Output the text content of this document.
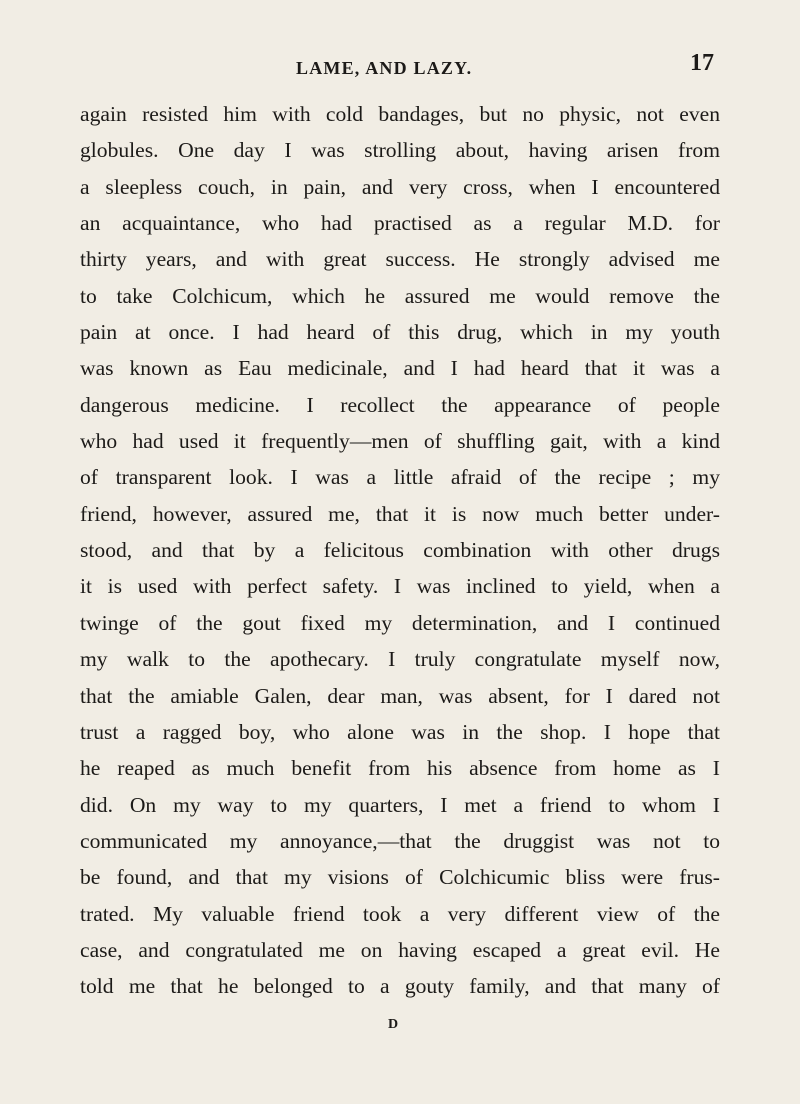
LAME, AND LAZY.	17
again resisted him with cold bandages, but no physic, not even
globules. One day I was strolling about, having arisen from
a sleepless couch, in pain, and very cross, when I encountered
an acquaintance, who had practised as a regular M.D. for
thirty years, and with great success. He strongly advised me
to take Colchicum, which he assured me would remove the
pain at once. I had heard of this drug, which in my youth
was known as Eau medicinale, and I had heard that it was a
dangerous medicine. I recollect the appearance of people
who had used it frequently—men of shuffling gait, with a kind
of transparent look. I was a little afraid of the recipe ; my
friend, however, assured me, that it is now much better under-
stood, and that by a felicitous combination with other drugs
it is used with perfect safety. I was inclined to yield, when a
twinge of the gout fixed my determination, and I continued
my walk to the apothecary. I truly congratulate myself now,
that the amiable Galen, dear man, was absent, for I dared not
trust a ragged boy, who alone was in the shop. I hope that
he reaped as much benefit from his absence from home as I
did. On my way to my quarters, I met a friend to whom I
communicated my annoyance,—that the druggist was not to
be found, and that my visions of Colchicumic bliss were frus-
trated. My valuable friend took a very different view of the
case, and congratulated me on having escaped a great evil. He
told me that he belonged to a gouty family, and that many of
D
